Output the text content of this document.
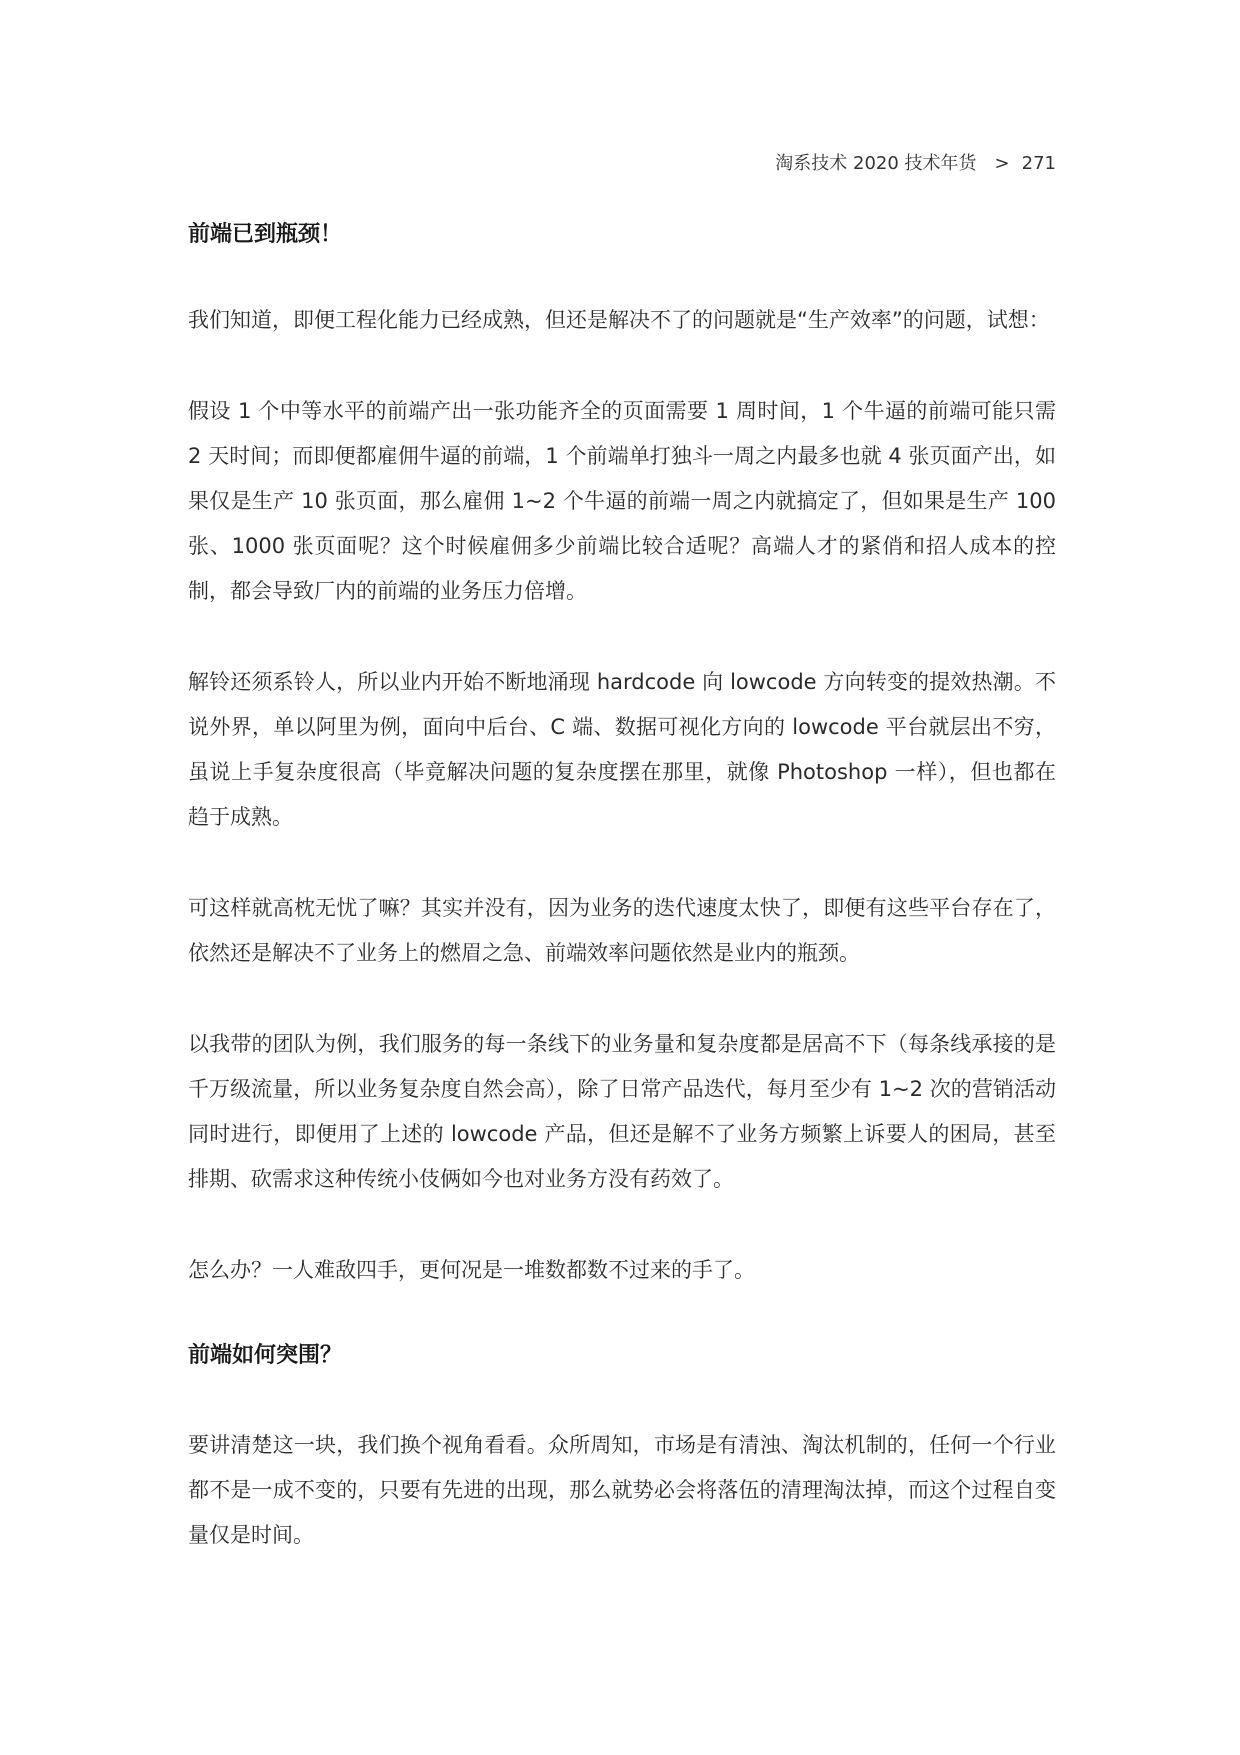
淘系技术 2020 技术年货 > 271
前端已到瓶颈！

我们知道，即便工程化能力已经成熟，但还是解决不了的问题就是“生产效率”的问题，试想：

假设 1 个中等水平的前端产出一张功能齐全的页面需要 1 周时间，1 个牛逼的前端可能只需 2 天时间；而即便都雇佣牛逼的前端，1 个前端单打独斗一周之内最多也就 4 张页面产出，如果仅是生产 10 张页面，那么雇佣 1~2 个牛逼的前端一周之内就搞定了，但如果是生产 100 张、1000 张页面呢？这个时候雇佣多少前端比较合适呢？高端人才的紧俏和招人成本的控制，都会导致厂内的前端的业务压力倍增。

解铃还须系铃人，所以业内开始不断地涌现 hardcode 向 lowcode 方向转变的提效热潮。不说外界，单以阿里为例，面向中后台、C 端、数据可视化方向的 lowcode 平台就层出不穷，虽说上手复杂度很高（毕竟解决问题的复杂度摆在那里，就像 Photoshop 一样），但也都在趋于成熟。

可这样就高枕无忧了嘛？其实并没有，因为业务的迭代速度太快了，即便有这些平台存在了，依然还是解决不了业务上的燃眉之急、前端效率问题依然是业内的瓶颈。

以我带的团队为例，我们服务的每一条线下的业务量和复杂度都是居高不下（每条线承接的是千万级流量，所以业务复杂度自然会高），除了日常产品迭代，每月至少有 1~2 次的营销活动同时进行，即便用了上述的 lowcode 产品，但还是解不了业务方频繁上诉要人的困局，甚至排期、砍需求这种传统小伎俩如今也对业务方没有药效了。

怎么办？一人难敌四手，更何况是一堆数都数不过来的手了。

前端如何突围？

要讲清楚这一块，我们换个视角看看。众所周知，市场是有清浊、淘汰机制的，任何一个行业都不是一成不变的，只要有先进的出现，那么就势必会将落伍的清理淘汰掉，而这个过程自变量仅是时间。
